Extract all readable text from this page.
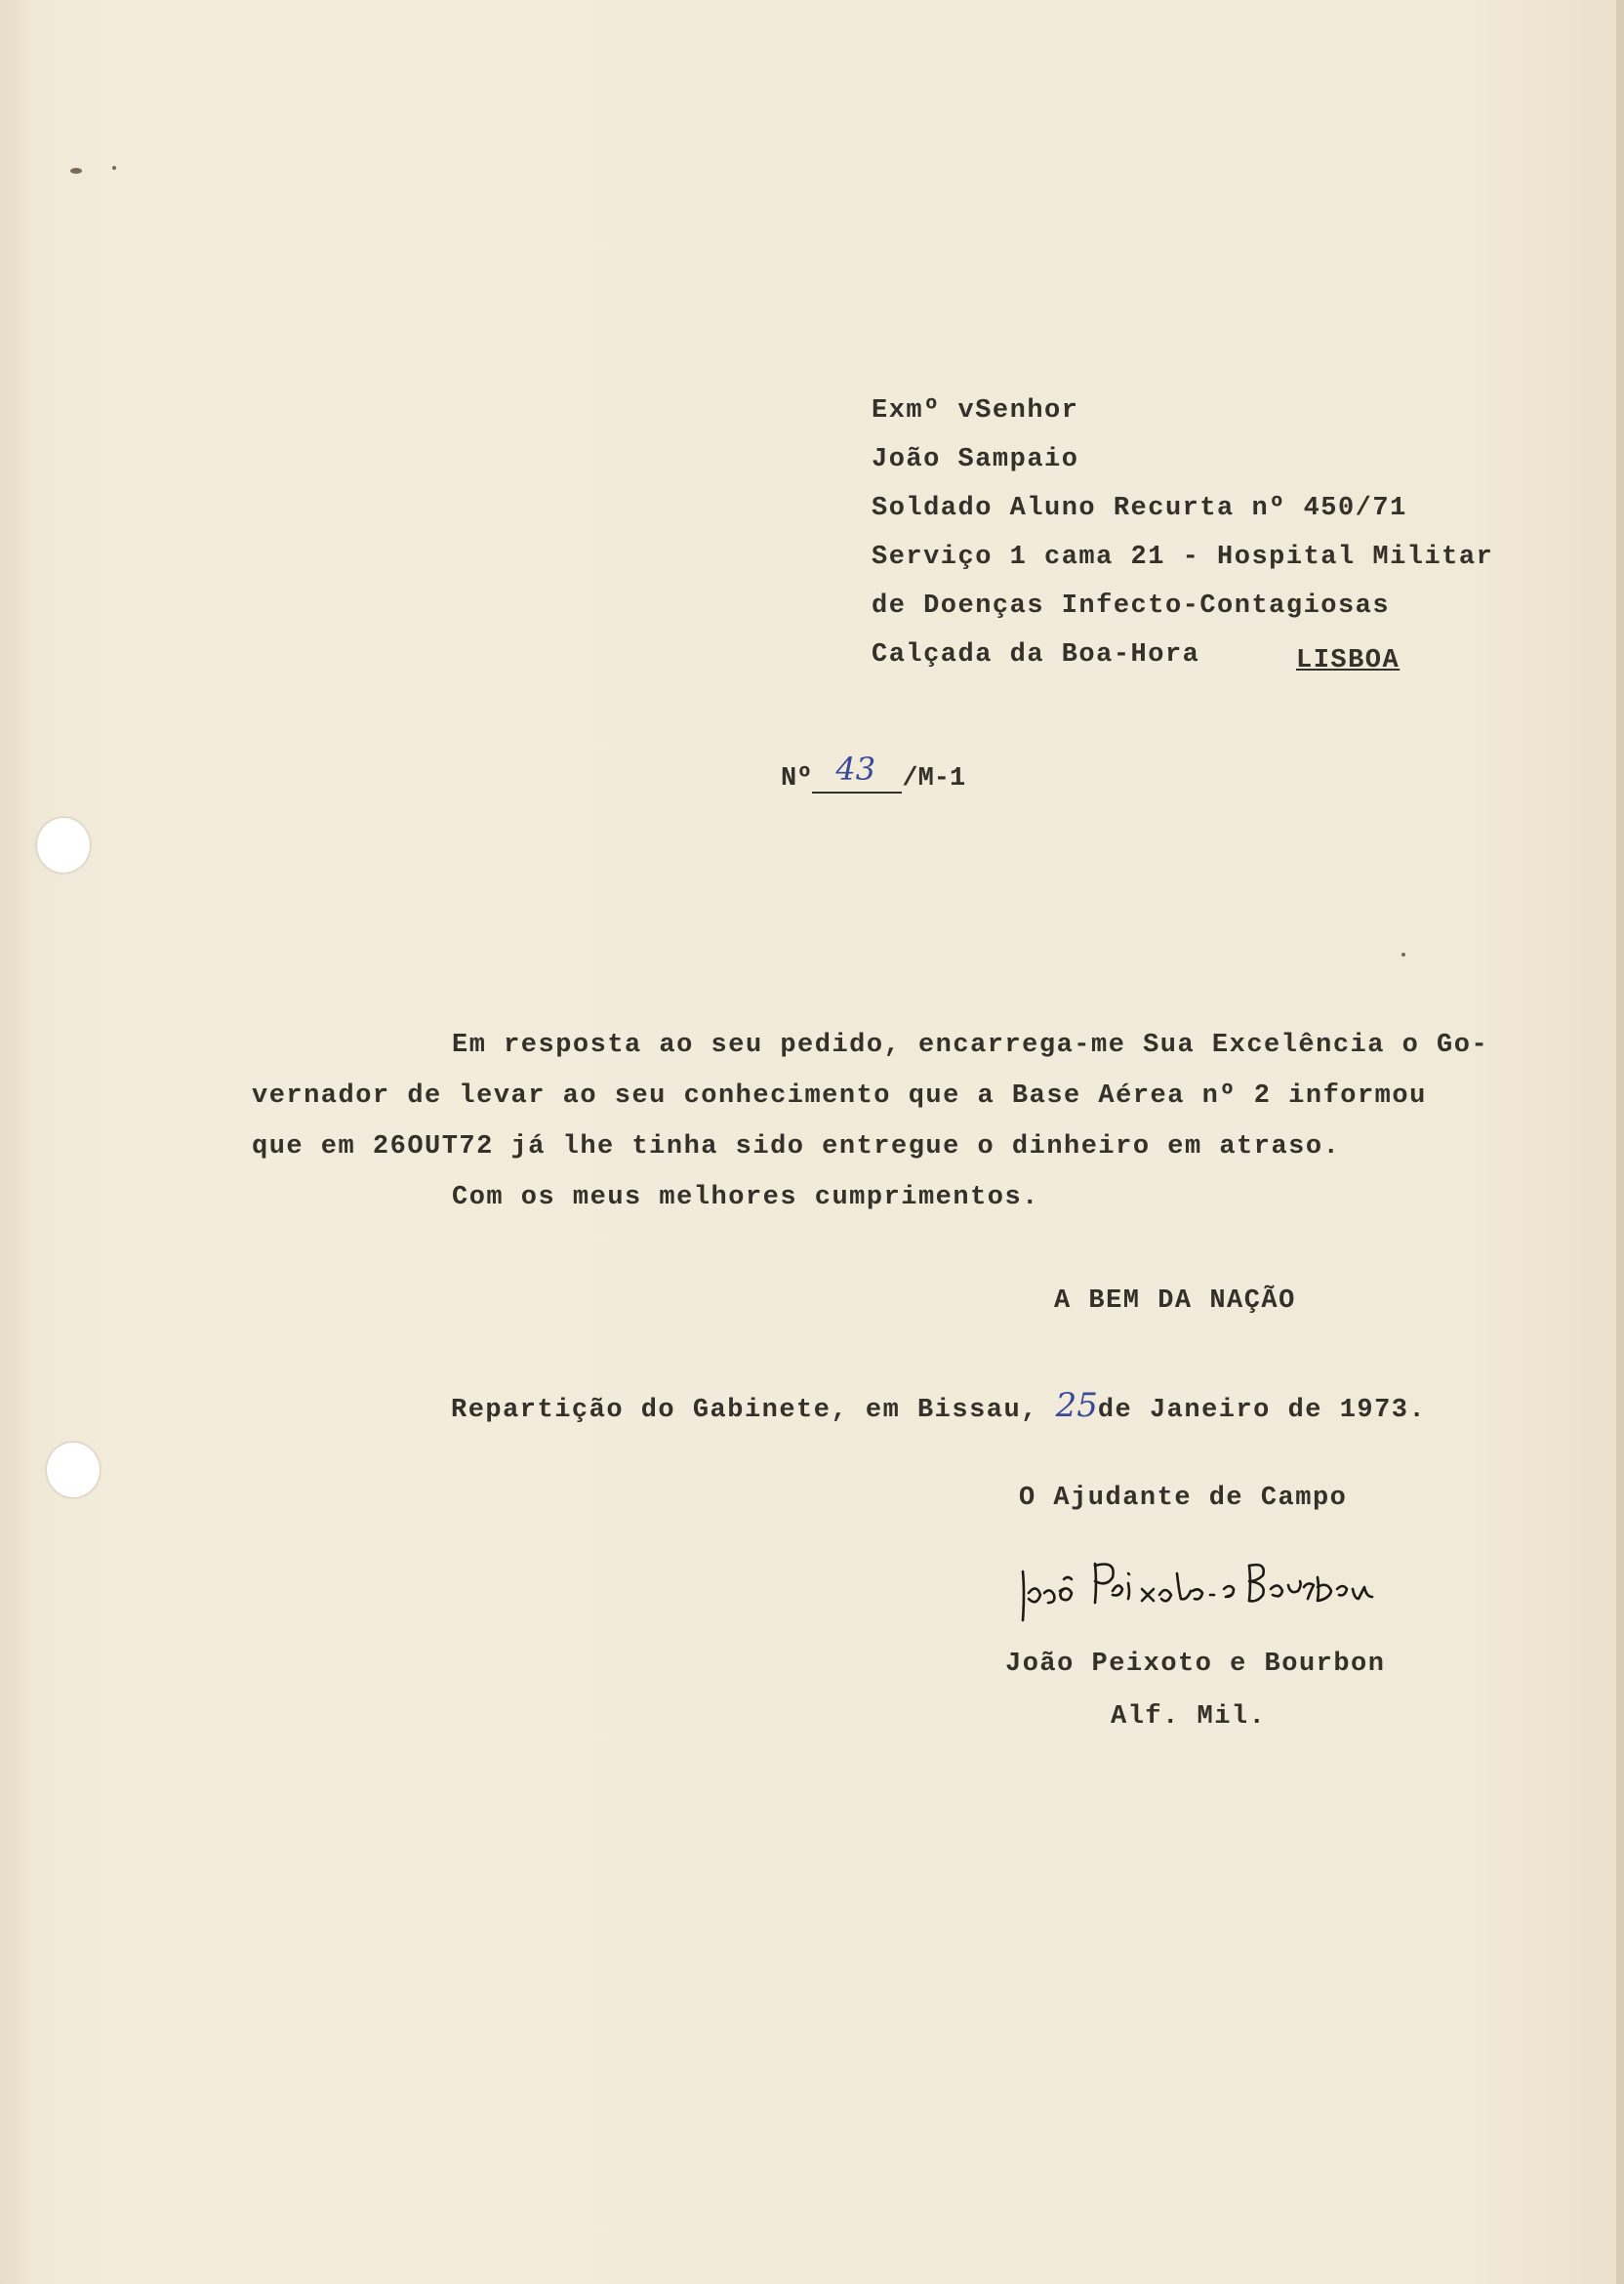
Exmº vSenhor
João Sampaio
Soldado Aluno Recurta nº 450/71
Serviço 1 cama 21 - Hospital Militar
de Doenças Infecto-Contagiosas
Calçada da Boa-Hora	LISBOA
Nº 43 /M-1
Em resposta ao seu pedido, encarrega-me Sua Excelência o Go-
vernador de levar ao seu conhecimento que a Base Aérea nº 2 informou
que em 26OUT72 já lhe tinha sido entregue o dinheiro em atraso.
Com os meus melhores cumprimentos.
A BEM DA NAÇÃO
Repartição do Gabinete, em Bissau, 25de Janeiro de 1973.
O Ajudante de Campo
João Peixoto e Bourbon
Alf. Mil.
